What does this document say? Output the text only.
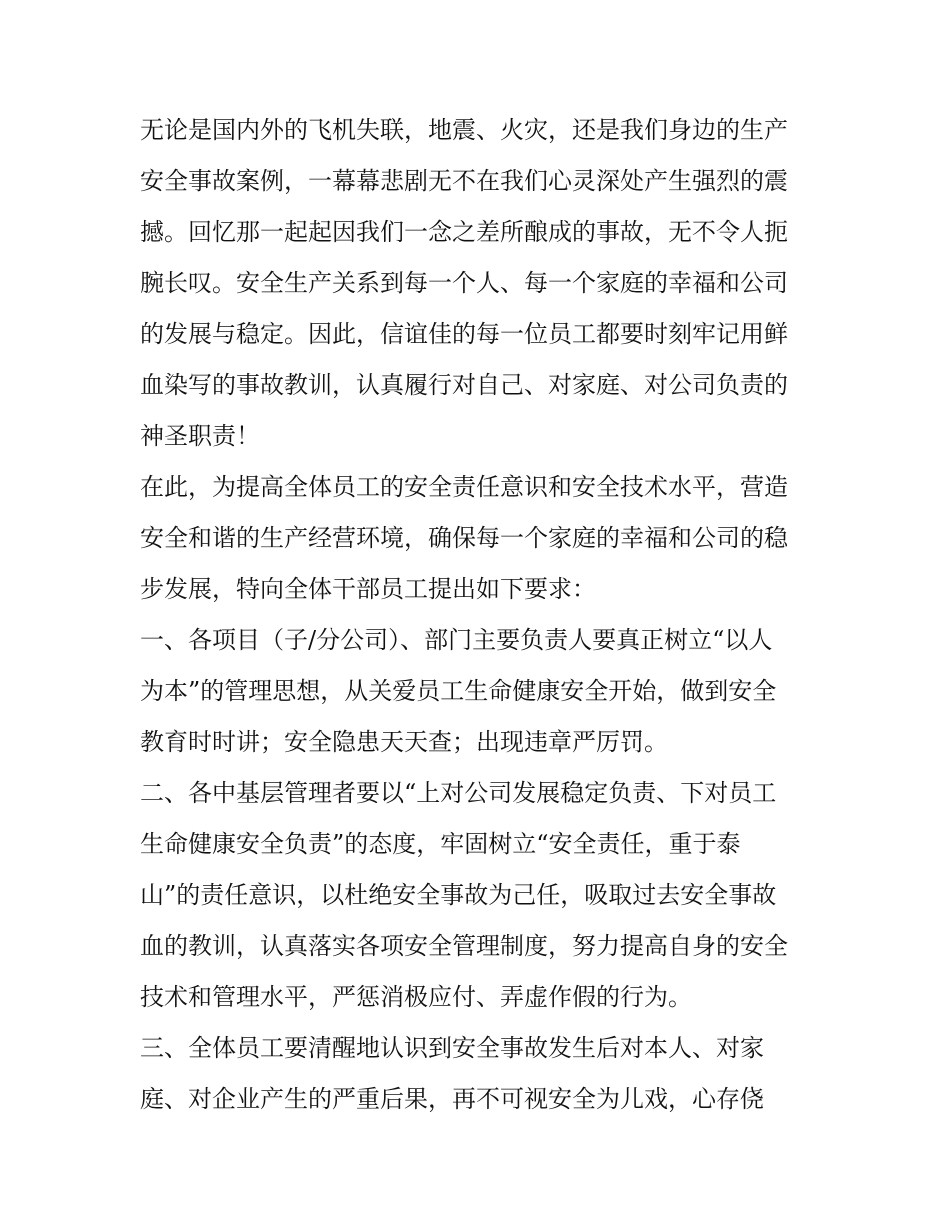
无论是国内外的飞机失联，地震、火灾，还是我们身边的生产
安全事故案例，一幕幕悲剧无不在我们心灵深处产生强烈的震
撼。回忆那一起起因我们一念之差所酿成的事故，无不令人扼
腕长叹。安全生产关系到每一个人、每一个家庭的幸福和公司
的发展与稳定。因此，信谊佳的每一位员工都要时刻牢记用鲜
血染写的事故教训，认真履行对自己、对家庭、对公司负责的
神圣职责！
在此，为提高全体员工的安全责任意识和安全技术水平，营造
安全和谐的生产经营环境，确保每一个家庭的幸福和公司的稳
步发展，特向全体干部员工提出如下要求：
一、各项目（子/分公司）、部门主要负责人要真正树立“以人
为本”的管理思想，从关爱员工生命健康安全开始，做到安全
教育时时讲；安全隐患天天查；出现违章严厉罚。
二、各中基层管理者要以“上对公司发展稳定负责、下对员工
生命健康安全负责”的态度，牢固树立“安全责任，重于泰
山”的责任意识，以杜绝安全事故为己任，吸取过去安全事故
血的教训，认真落实各项安全管理制度，努力提高自身的安全
技术和管理水平，严惩消极应付、弄虚作假的行为。
三、全体员工要清醒地认识到安全事故发生后对本人、对家
庭、对企业产生的严重后果，再不可视安全为儿戏，心存侥
